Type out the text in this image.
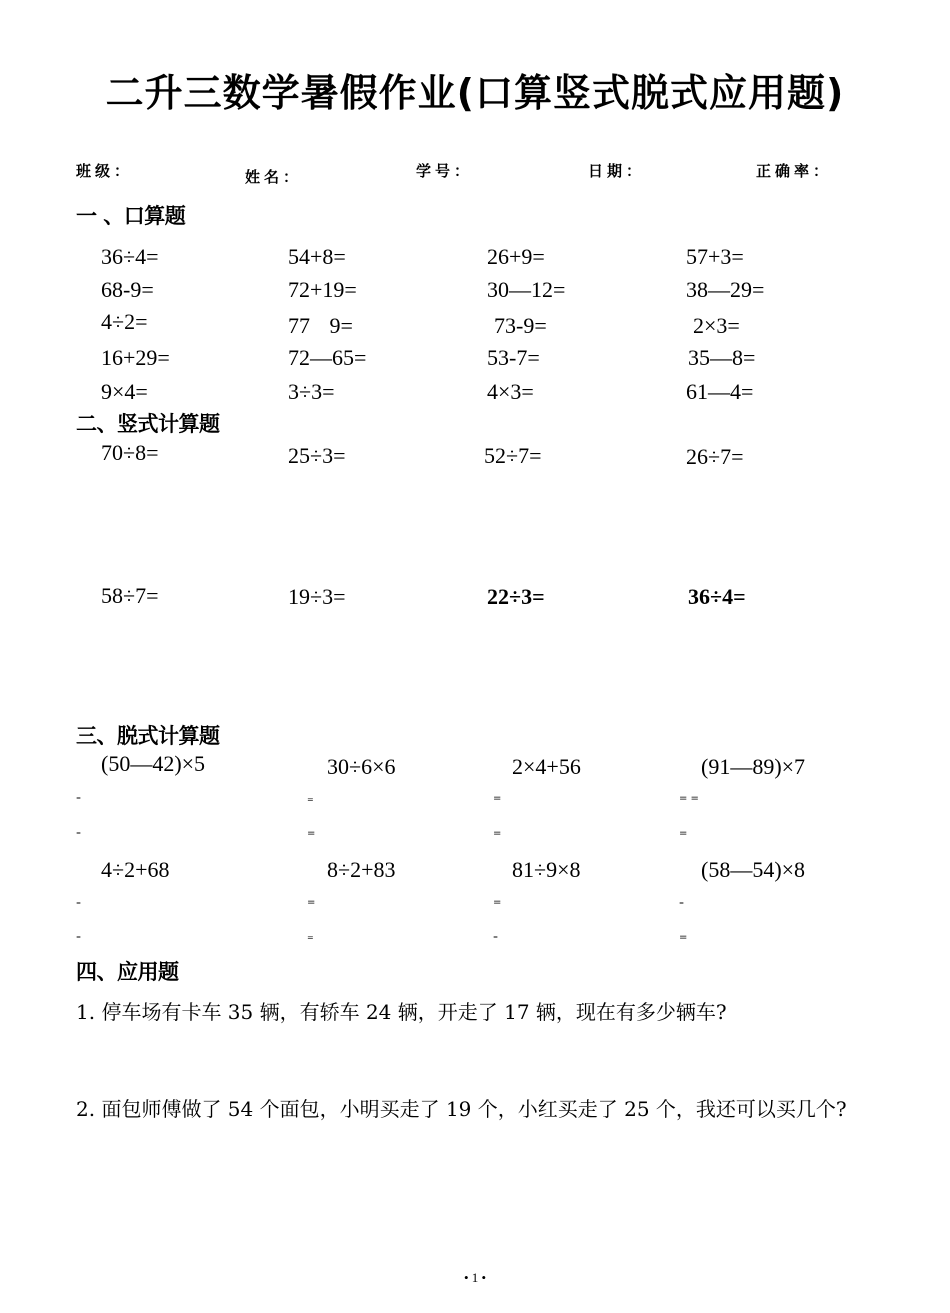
二升三数学暑假作业(口算竖式脱式应用题)
班级：	姓名：	学号：	日期：	正确率：
一 、口算题
36÷4=	54+8=	26+9=	57+3=
68-9=	72+19=	30—12=	38—29=
4÷2=	77 9=	73-9=	2×3=
16+29=	72—65=	53-7=	35—8=
9×4=	3÷3=	4×3=	61—4=
二、竖式计算题
70÷8=	25÷3=	52÷7=	26÷7=
58÷7=	19÷3=	22÷3=	36÷4=
三、脱式计算题
(50—42)×5	30÷6×6	2×4+56	(91—89)×7
=	=	=	= =
=	=	=	=
4÷2+68	8÷2+83	81÷9×8	(58—54)×8
=	=	=	=
=	=	=	=
四、应用题
1. 停车场有卡车 35 辆，有轿车 24 辆，开走了 17 辆，现在有多少辆车?
2. 面包师傅做了 54 个面包，小明买走了 19 个，小红买走了 25 个，我还可以买几个?
• 1 •
